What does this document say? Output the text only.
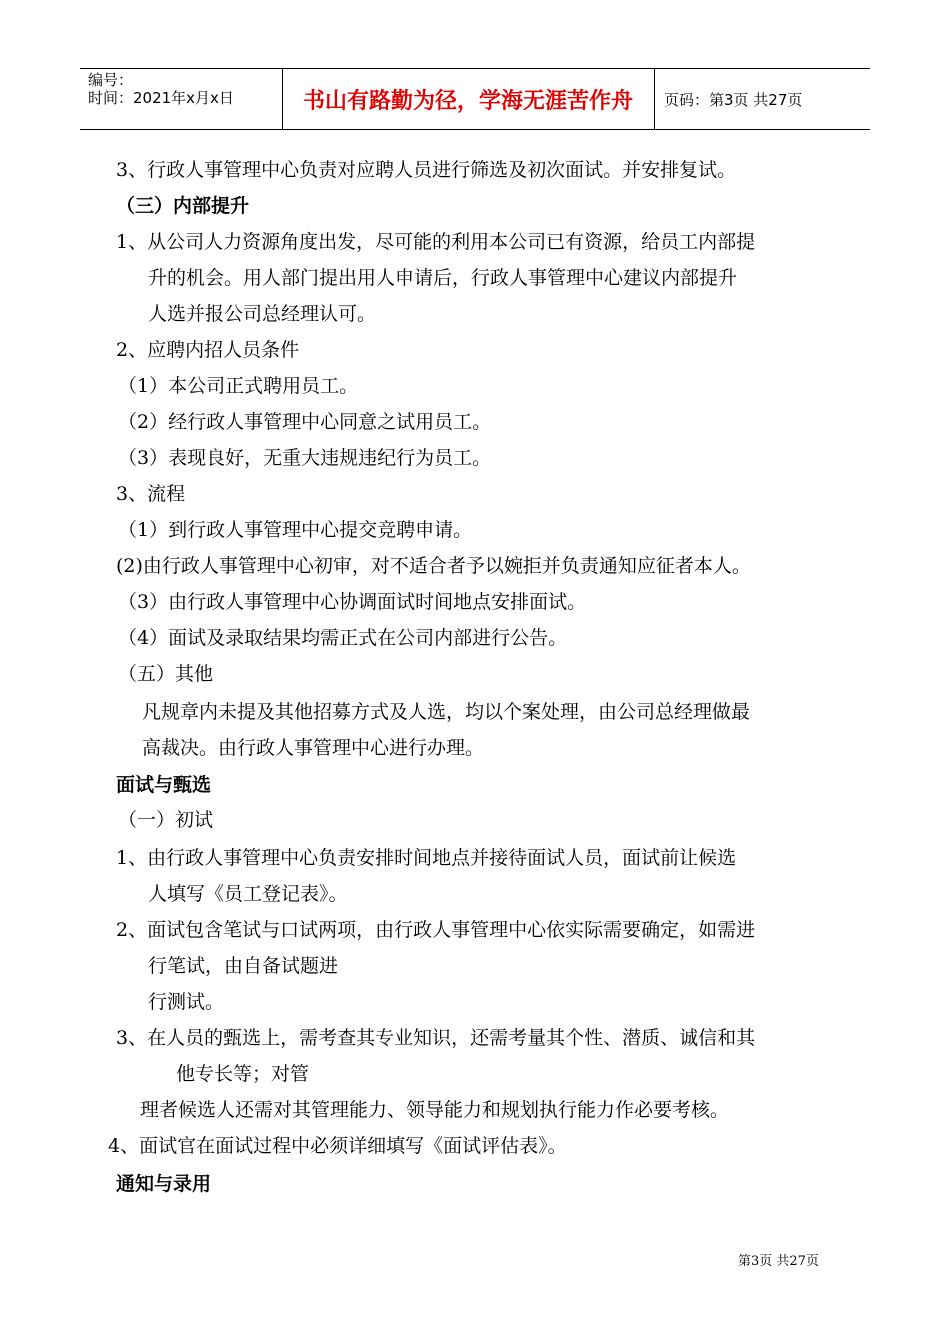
编号：
时间：2021年x月x日	书山有路勤为径，学海无涯苦作舟	页码：第3页 共27页
3、行政人事管理中心负责对应聘人员进行筛选及初次面试。并安排复试。
（三）内部提升
1、从公司人力资源角度出发，尽可能的利用本公司已有资源，给员工内部提
升的机会。用人部门提出用人申请后，行政人事管理中心建议内部提升
人选并报公司总经理认可。
2、应聘内招人员条件
（1）本公司正式聘用员工。
（2）经行政人事管理中心同意之试用员工。
（3）表现良好，无重大违规违纪行为员工。
3、流程
（1）到行政人事管理中心提交竞聘申请。
(2)由行政人事管理中心初审，对不适合者予以婉拒并负责通知应征者本人。
（3）由行政人事管理中心协调面试时间地点安排面试。
（4）面试及录取结果均需正式在公司内部进行公告。
（五）其他
凡规章内未提及其他招募方式及人选，均以个案处理，由公司总经理做最
高裁决。由行政人事管理中心进行办理。
面试与甄选
（一）初试
1、由行政人事管理中心负责安排时间地点并接待面试人员，面试前让候选
人填写《员工登记表》。
2、面试包含笔试与口试两项，由行政人事管理中心依实际需要确定，如需进
行笔试，由自备试题进
行测试。
3、在人员的甄选上，需考查其专业知识，还需考量其个性、潜质、诚信和其
他专长等；对管
理者候选人还需对其管理能力、领导能力和规划执行能力作必要考核。
4、面试官在面试过程中必须详细填写《面试评估表》。
通知与录用
第3页 共27页
